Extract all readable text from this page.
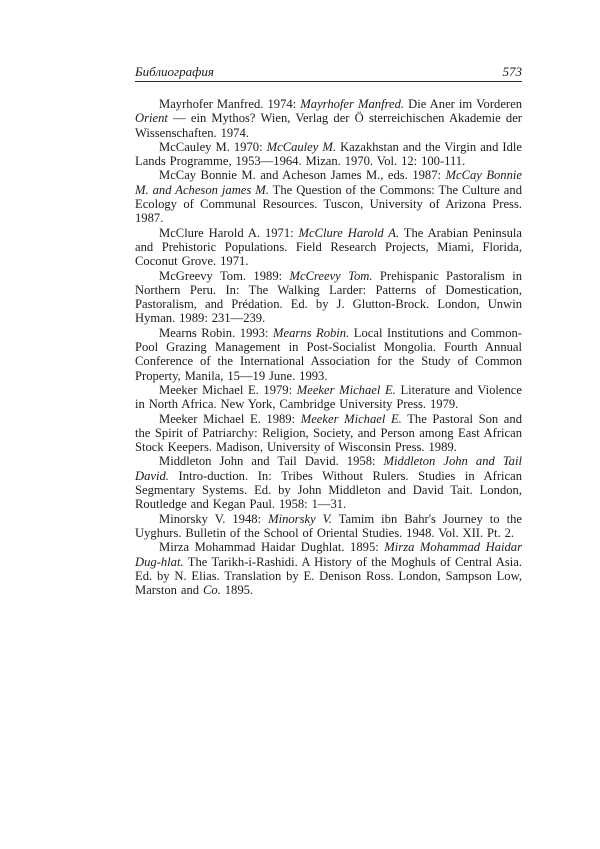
Библиография	573

Mayrhofer Manfred. 1974: Mayrhofer Manfred. Die Aner im Vorderen Orient — ein Mythos? Wien, Verlag der Ö sterreichischen Akademie der Wissenschaften. 1974.

McCauley M. 1970: McCauley M. Kazakhstan and the Virgin and Idle Lands Programme, 1953—1964. Mizan. 1970. Vol. 12: 100-111.

McCay Bonnie M. and Acheson James M., eds. 1987: McCay Bonnie M. and Acheson james M. The Question of the Commons: The Culture and Ecology of Communal Resources. Tuscon, University of Arizona Press. 1987.

McClure Harold A. 1971: McClure Harold A. The Arabian Peninsula and Prehistoric Populations. Field Research Projects, Miami, Florida, Coconut Grove. 1971.

McGreevy Tom. 1989: McCreevy Tom. Prehispanic Pastoralism in Northern Peru. In: The Walking Larder: Patterns of Domestication, Pastoralism, and Prédation. Ed. by J. Glutton-Brock. London, Unwin Hyman. 1989: 231—239.

Mearns Robin. 1993: Mearns Robin. Local Institutions and Common-Pool Grazing Management in Post-Socialist Mongolia. Fourth Annual Conference of the International Association for the Study of Common Property, Manila, 15—19 June. 1993.

Meeker Michael E. 1979: Meeker Michael E. Literature and Violence in North Africa. New York, Cambridge University Press. 1979.

Meeker Michael E. 1989: Meeker Michael E. The Pastoral Son and the Spirit of Patriarchy: Religion, Society, and Person among East African Stock Keepers. Madison, University of Wisconsin Press. 1989.

Middleton John and Tail David. 1958: Middleton John and Tail David. Intro-duction. In: Tribes Without Rulers. Studies in African Segmentary Systems. Ed. by John Middleton and David Tait. London, Routledge and Kegan Paul. 1958: 1—31.

Minorsky V. 1948: Minorsky V. Tamim ibn Bahr's Journey to the Uyghurs. Bulletin of the School of Oriental Studies. 1948. Vol. XII. Pt. 2.

Mirza Mohammad Haidar Dughlat. 1895: Mirza Mohammad Haidar Dug-hlat. The Tarikh-i-Rashidi. A History of the Moghuls of Central Asia. Ed. by N. Elias. Translation by E. Denison Ross. London, Sampson Low, Marston and Co. 1895.
